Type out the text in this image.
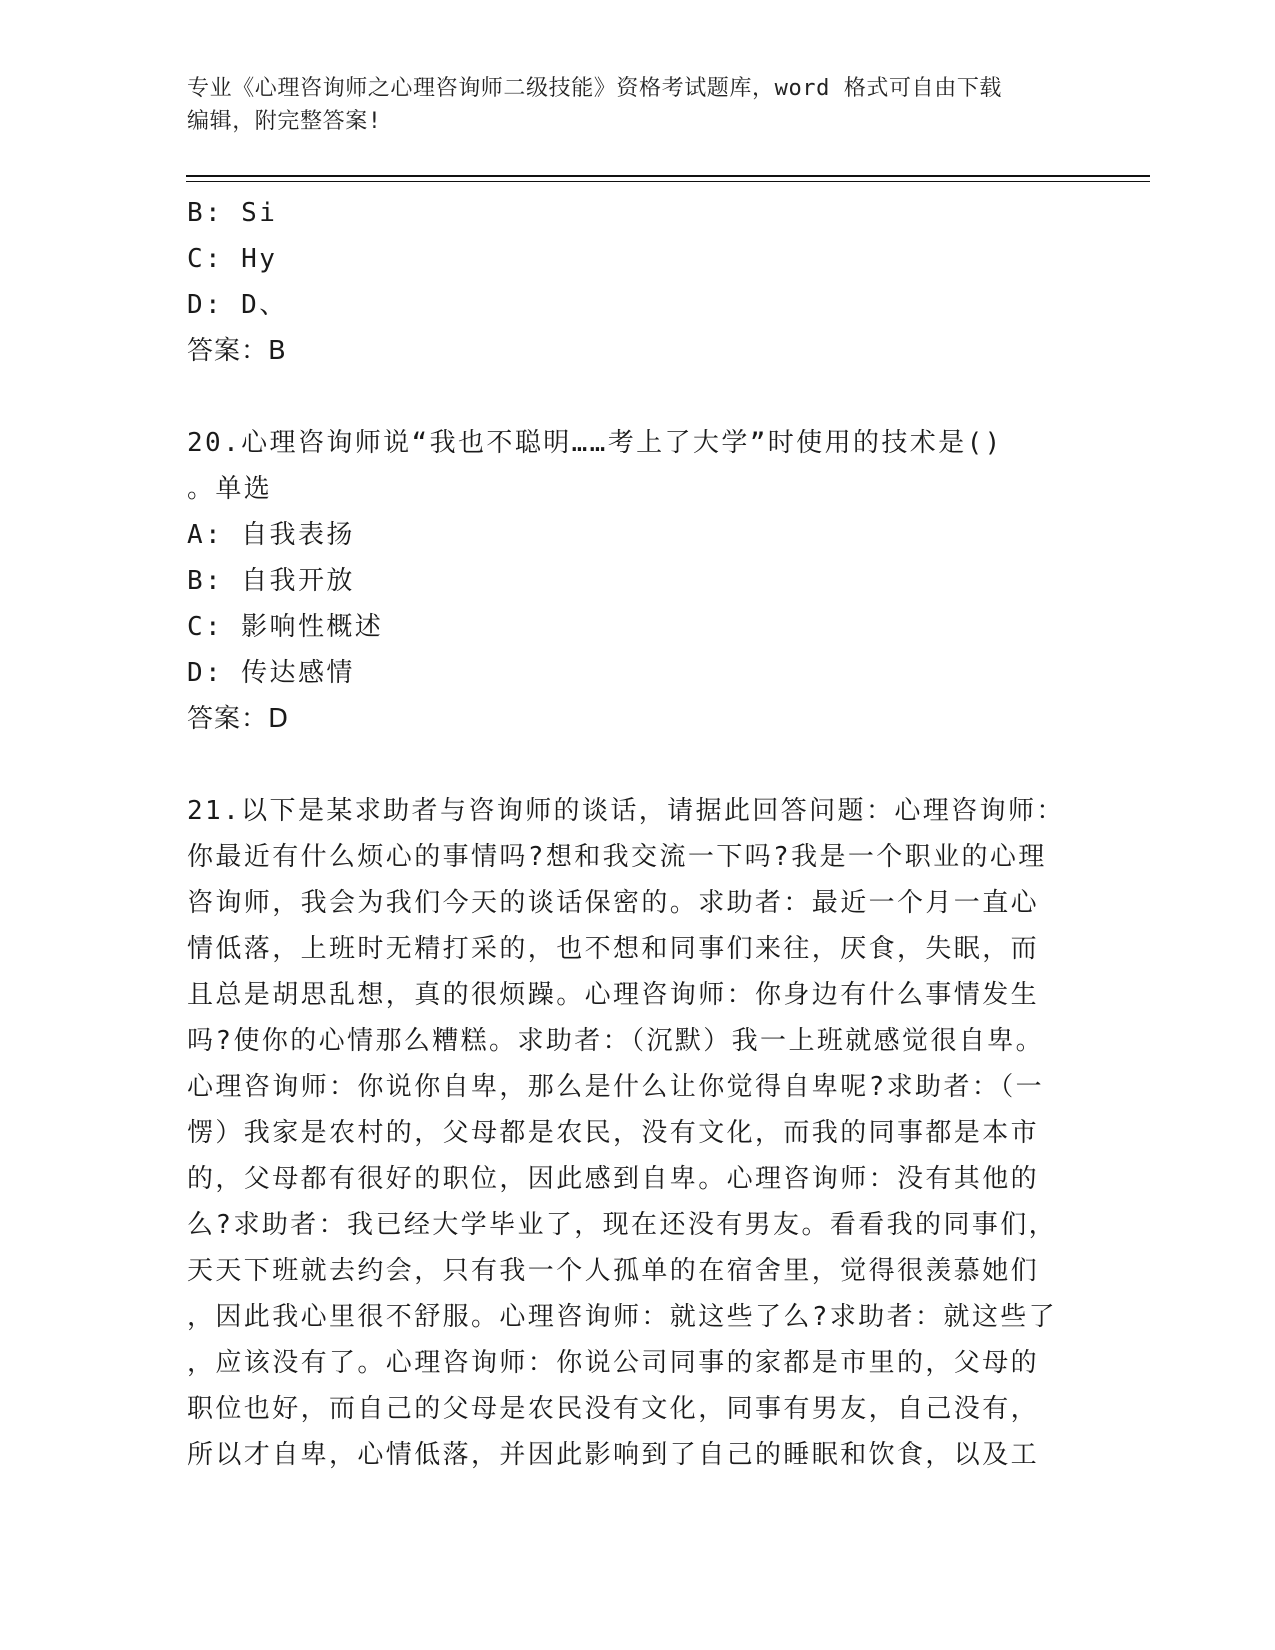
专业《心理咨询师之心理咨询师二级技能》资格考试题库，word 格式可自由下载
编辑，附完整答案!
B: Si
C: Hy
D: D、
答案：B
20.心理咨询师说“我也不聪明……考上了大学”时使用的技术是()
。单选
A: 自我表扬
B: 自我开放
C: 影响性概述
D: 传达感情
答案：D
21.以下是某求助者与咨询师的谈话，请据此回答问题：心理咨询师：
你最近有什么烦心的事情吗?想和我交流一下吗?我是一个职业的心理
咨询师，我会为我们今天的谈话保密的。求助者：最近一个月一直心
情低落，上班时无精打采的，也不想和同事们来往，厌食，失眠，而
且总是胡思乱想，真的很烦躁。心理咨询师：你身边有什么事情发生
吗?使你的心情那么糟糕。求助者：（沉默）我一上班就感觉很自卑。
心理咨询师：你说你自卑，那么是什么让你觉得自卑呢?求助者：（一
愣）我家是农村的，父母都是农民，没有文化，而我的同事都是本市
的，父母都有很好的职位，因此感到自卑。心理咨询师：没有其他的
么?求助者：我已经大学毕业了，现在还没有男友。看看我的同事们，
天天下班就去约会，只有我一个人孤单的在宿舍里，觉得很羡慕她们
，因此我心里很不舒服。心理咨询师：就这些了么?求助者：就这些了
，应该没有了。心理咨询师：你说公司同事的家都是市里的，父母的
职位也好，而自己的父母是农民没有文化，同事有男友，自己没有，
所以才自卑，心情低落，并因此影响到了自己的睡眠和饮食，以及工
